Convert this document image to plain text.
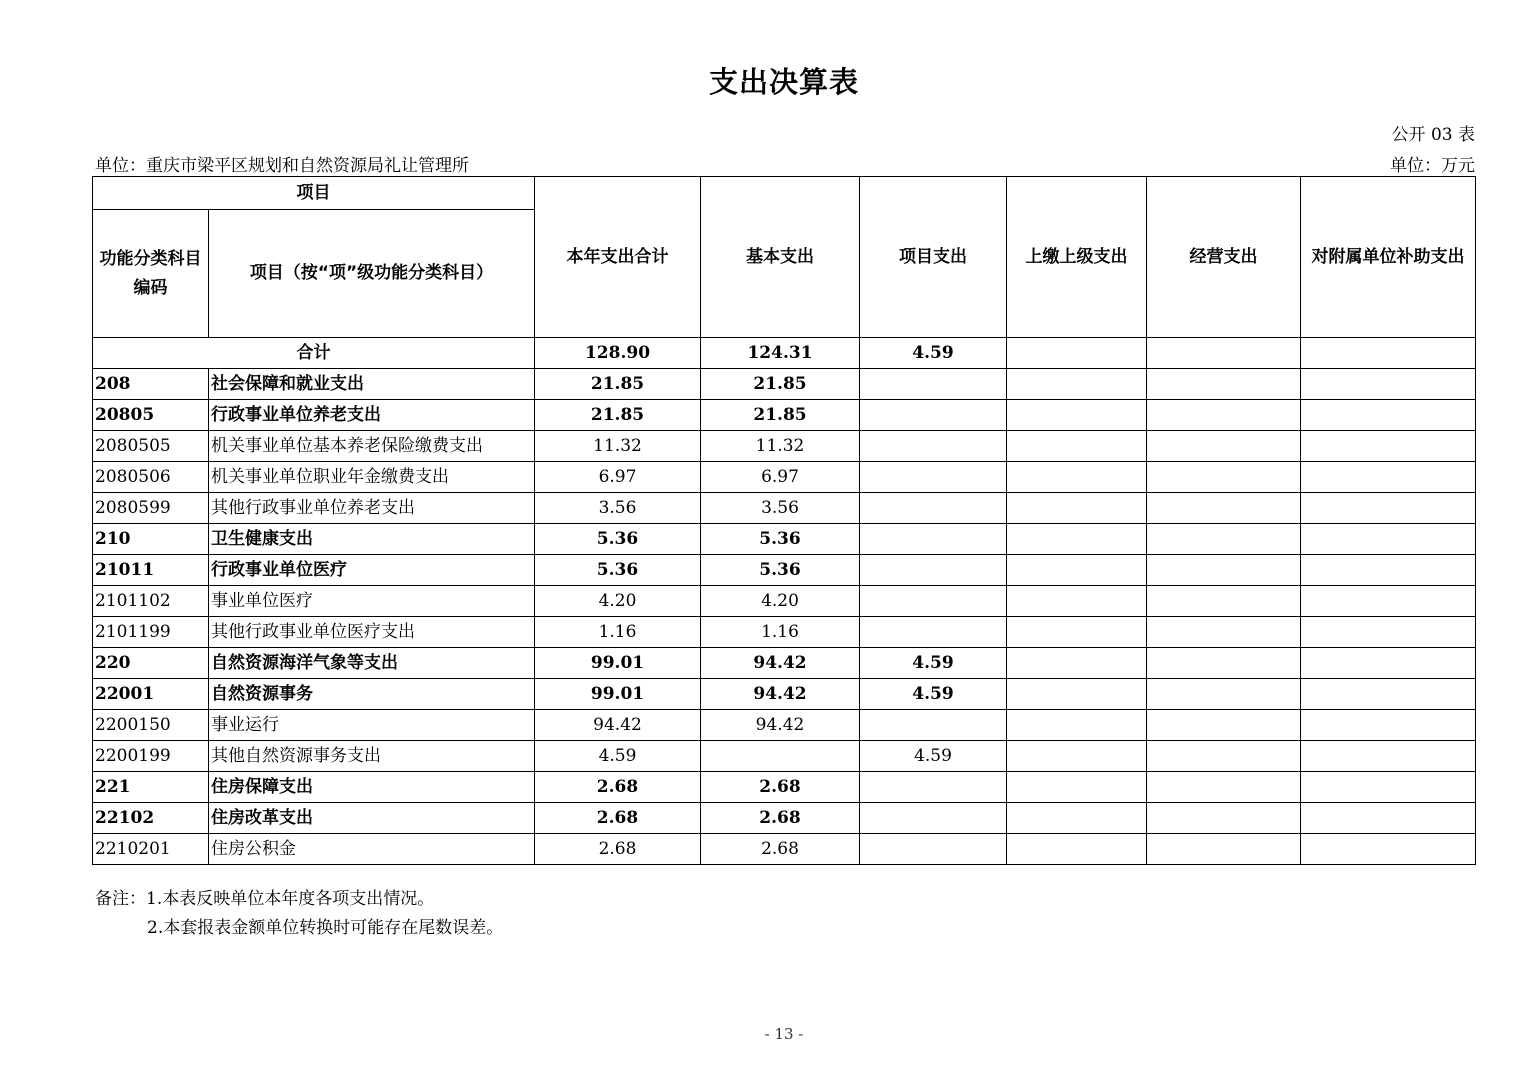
支出决算表
公开 03 表
单位：重庆市梁平区规划和自然资源局礼让管理所	单位：万元
项目		本年支出合计	基本支出	项目支出	上缴上级支出	经营支出	对附属单位补助支出
功能分类科目编码	项目（按“项”级功能分类科目）						
合计		128.90	124.31	4.59			
208	社会保障和就业支出	21.85	21.85				
20805	行政事业单位养老支出	21.85	21.85				
2080505	机关事业单位基本养老保险缴费支出	11.32	11.32				
2080506	机关事业单位职业年金缴费支出	6.97	6.97				
2080599	其他行政事业单位养老支出	3.56	3.56				
210	卫生健康支出	5.36	5.36				
21011	行政事业单位医疗	5.36	5.36				
2101102	事业单位医疗	4.20	4.20				
2101199	其他行政事业单位医疗支出	1.16	1.16				
220	自然资源海洋气象等支出	99.01	94.42	4.59			
22001	自然资源事务	99.01	94.42	4.59			
2200150	事业运行	94.42	94.42				
2200199	其他自然资源事务支出	4.59		4.59			
221	住房保障支出	2.68	2.68				
22102	住房改革支出	2.68	2.68				
2210201	住房公积金	2.68	2.68				
备注：1.本表反映单位本年度各项支出情况。
2.本套报表金额单位转换时可能存在尾数误差。
- 13 -
